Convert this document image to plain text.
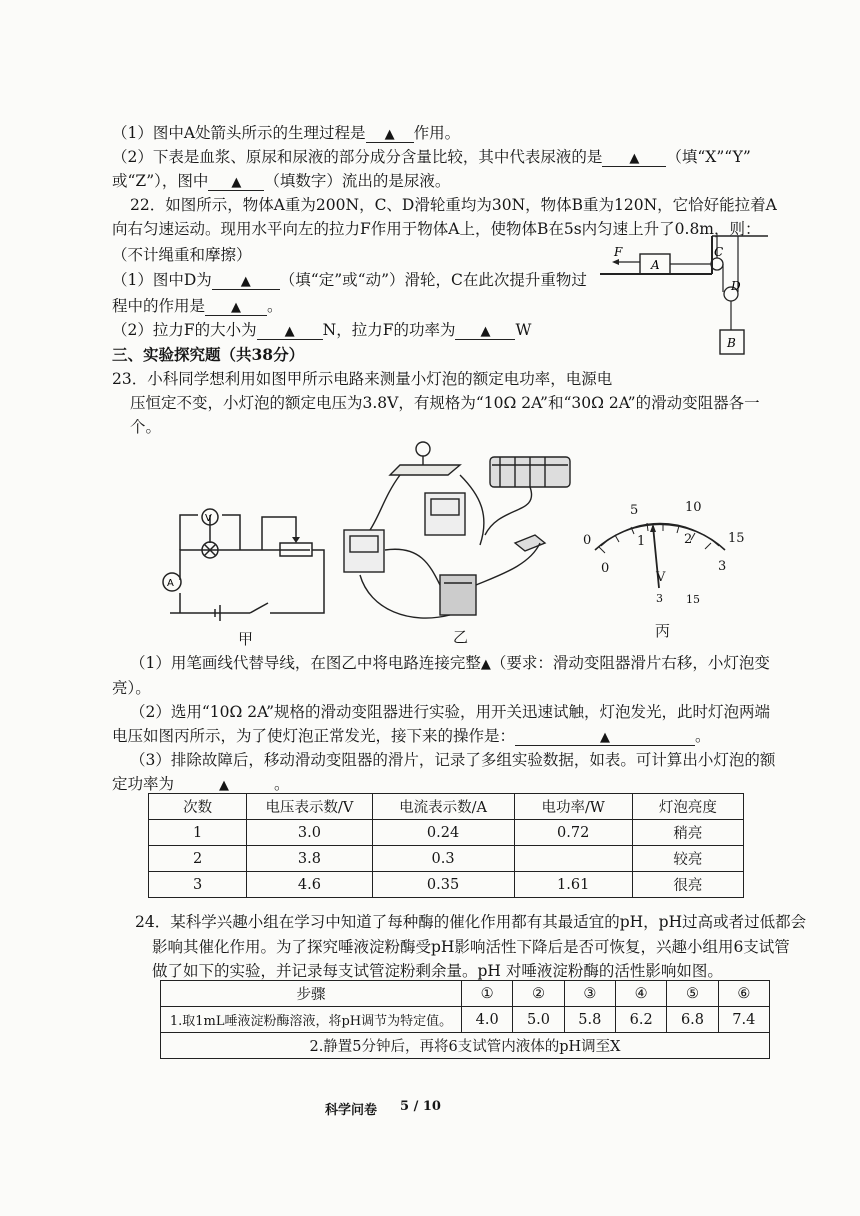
（1）图中A处箭头所示的生理过程是 ▲ 作用。
（2）下表是血浆、原尿和尿液的部分成分含量比较，其中代表尿液的是 ▲ （填“X”“Y”
或“Z”），图中 ▲ （填数字）流出的是尿液。
22．如图所示，物体A重为200N，C、D滑轮重均为30N，物体B重为120N，它恰好能拉着A
向右匀速运动。现用水平向左的拉力F作用于物体A上，使物体B在5s内匀速上升了0.8m，则：
（不计绳重和摩擦）
（1）图中D为 ▲ （填“定”或“动”）滑轮，C在此次提升重物过
程中的作用是 ▲ 。
（2）拉力F的大小为 ▲ N，拉力F的功率为 ▲ W
A
F	C
D
B
三、实验探究题（共38分）
23．小科同学想利用如图甲所示电路来测量小灯泡的额定电功率，电源电
压恒定不变，小灯泡的额定电压为3.8V，有规格为“10Ω 2A”和“30Ω 2A”的滑动变阻器各一
个。
V
A
甲	乙
5	10
15
0	1	2
0	3
V
3 15
丙
（1）用笔画线代替导线，在图乙中将电路连接完整▲（要求：滑动变阻器滑片右移，小灯泡变
亮）。
（2）选用“10Ω 2A”规格的滑动变阻器进行实验，用开关迅速试触，灯泡发光，此时灯泡两端
电压如图丙所示，为了使灯泡正常发光，接下来的操作是：	▲	。
（3）排除故障后，移动滑动变阻器的滑片，记录了多组实验数据，如表。可计算出小灯泡的额
定功率为	▲	。
次数	电压表示数/V	电流表示数/A	电功率/W	灯泡亮度
1	3.0	0.24	0.72	稍亮
2	3.8	0.3		较亮
3	4.6	0.35	1.61	很亮
24．某科学兴趣小组在学习中知道了每种酶的催化作用都有其最适宜的pH，pH过高或者过低都会
影响其催化作用。为了探究唾液淀粉酶受pH影响活性下降后是否可恢复，兴趣小组用6支试管
做了如下的实验，并记录每支试管淀粉剩余量。pH 对唾液淀粉酶的活性影响如图。
步骤	①	②	③	④	⑤	⑥
1.取1mL唾液淀粉酶溶液，将pH调节为特定值。	4.0	5.0	5.8	6.2	6.8	7.4
2.静置5分钟后，再将6支试管内液体的pH调至X						
科学问卷 5 / 10
